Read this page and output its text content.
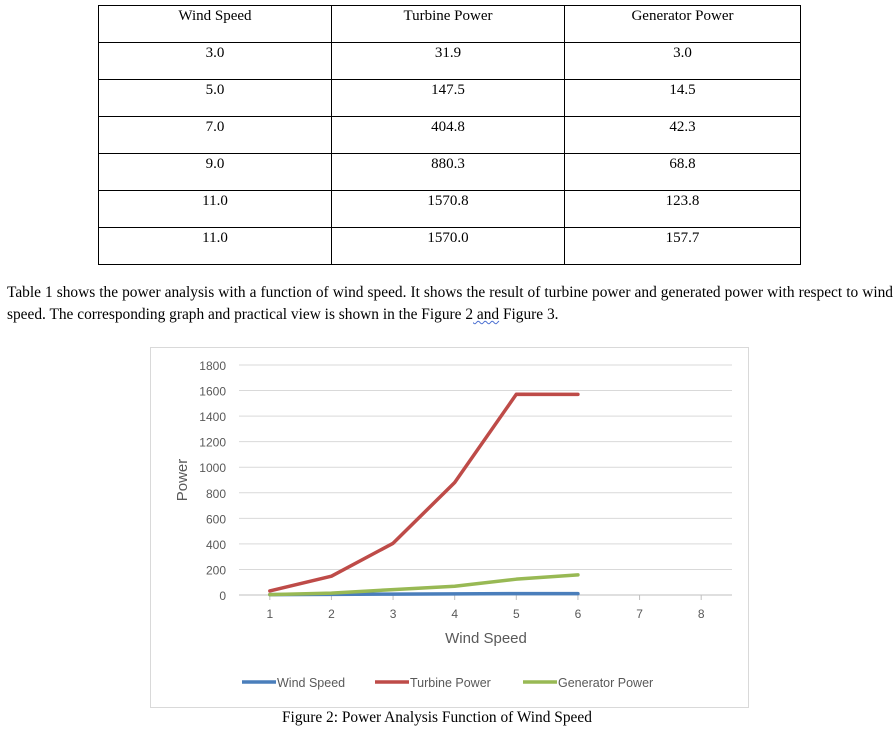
Wind Speed	Turbine Power	Generator Power
3.0	31.9	3.0
5.0	147.5	14.5
7.0	404.8	42.3
9.0	880.3	68.8
11.0	1570.8	123.8
11.0	1570.0	157.7

Table 1 shows the power analysis with a function of wind speed. It shows the result of turbine power and generated power with respect to wind speed. The corresponding graph and practical view is shown in the Figure 2 and Figure 3.

0
200
400
600
800
1000
1200
1400
1600
1800
1	2	3	4	5	6	7	8
Power
Wind Speed
Wind Speed	Turbine Power	Generator Power
Figure 2: Power Analysis Function of Wind Speed
